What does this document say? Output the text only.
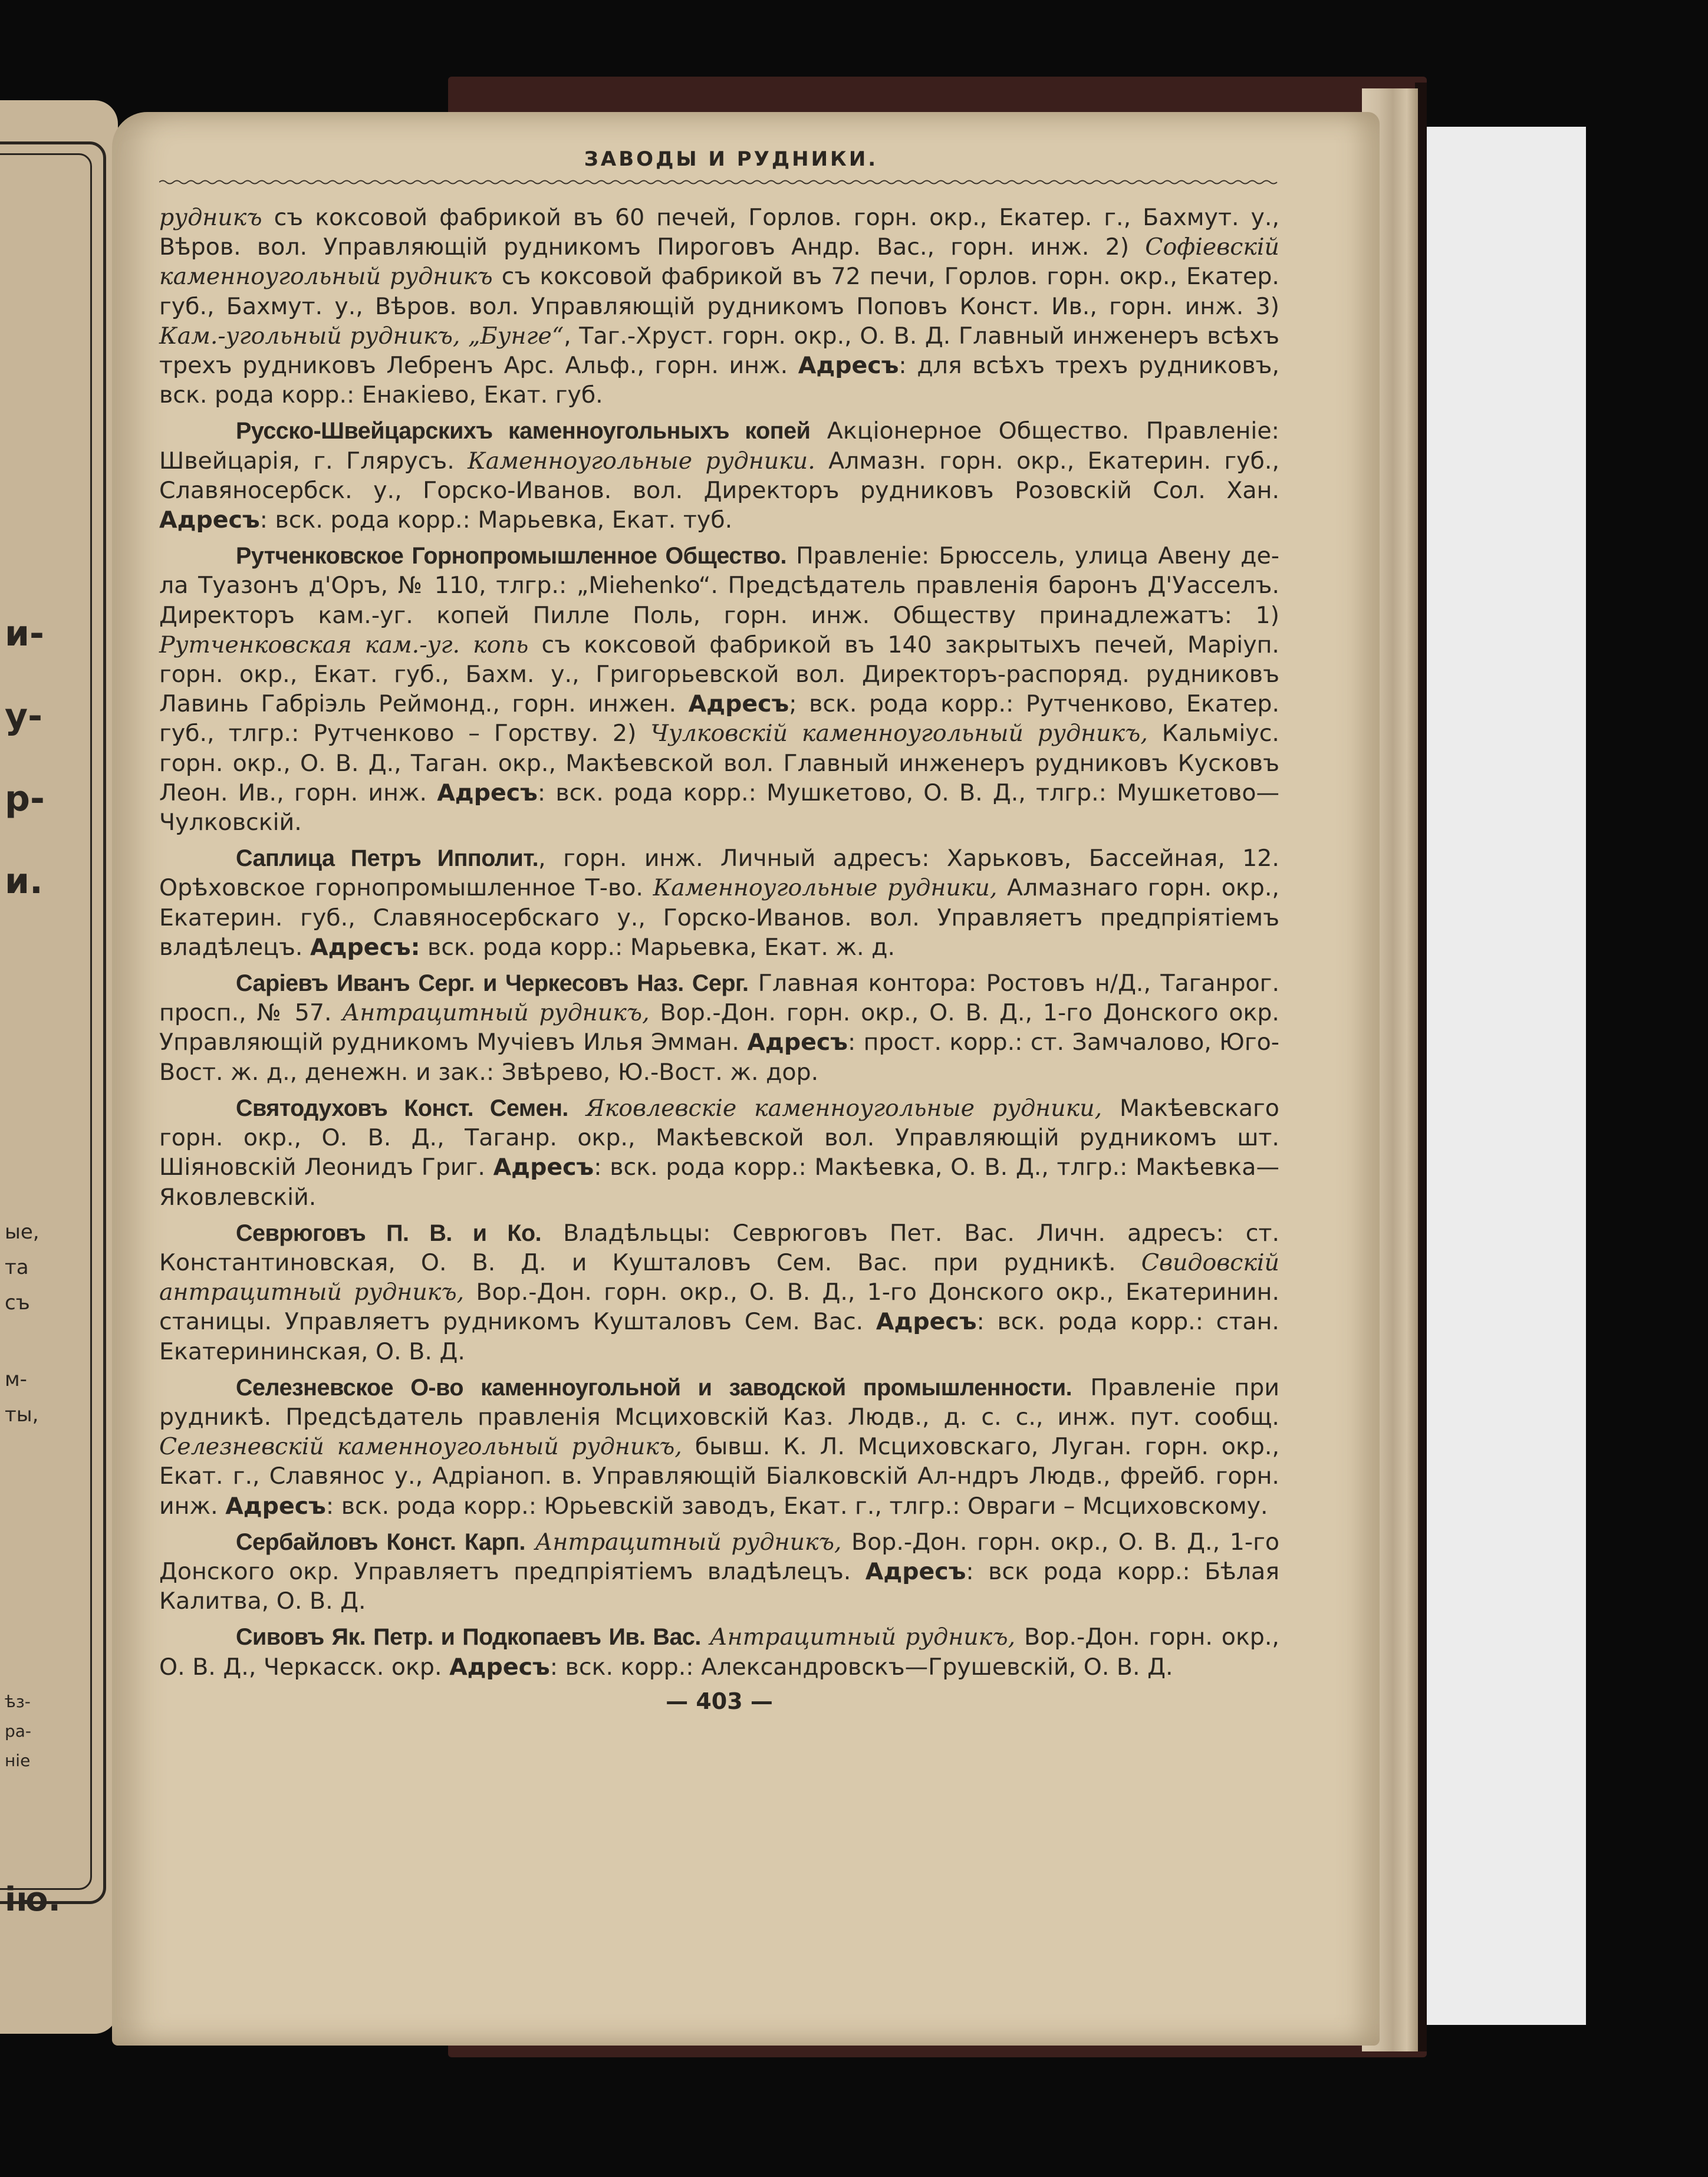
и-
у-
р-
и.
ые,
та
съ
м-
ты,
ѣз-
ра-
ніе
ію.
ЗАВОДЫ И РУДНИКИ.

рудникъ съ коксовой фабрикой въ 60 печей, Горлов. горн. окр., Екатер. г., Бахмут. у., Вѣров. вол. Управляющій рудникомъ Пироговъ Андр. Вас., горн. инж. 2) Софіевскій каменноугольный рудникъ съ коксовой фабрикой въ 72 печи, Горлов. горн. окр., Екатер. губ., Бахмут. у., Вѣров. вол. Управляющій рудникомъ Поповъ Конст. Ив., горн. инж. 3) Кам.-угольный рудникъ, „Бунге“, Таг.-Хруст. горн. окр., О. В. Д. Главный инженеръ всѣхъ трехъ рудниковъ Лебренъ Арс. Альф., горн. инж. Адресъ: для всѣхъ трехъ рудниковъ, вск. рода корр.: Енакіево, Екат. губ.

Русско-Швейцарскихъ каменноугольныхъ копей Акціонерное Общество. Правленіе: Швейцарія, г. Глярусъ. Каменноугольные рудники. Алмазн. горн. окр., Екатерин. губ., Славяносербск. у., Горско-Иванов. вол. Директоръ рудниковъ Розовскій Сол. Хан. Адресъ: вск. рода корр.: Марьевка, Екат. туб.

Рутченковское Горнопромышленное Общество. Правленіе: Брюссель, улица Авену де-ла Туазонъ д'Оръ, № 110, тлгр.: „Miehenko“. Предсѣдатель правленія баронъ Д'Уасселъ. Директоръ кам.-уг. копей Пилле Поль, горн. инж. Обществу принадлежатъ: 1) Рутченковская кам.-уг. копь съ коксовой фабрикой въ 140 закрытыхъ печей, Маріуп. горн. окр., Екат. губ., Бахм. у., Григорьевской вол. Директоръ-распоряд. рудниковъ Лавинь Габріэль Реймонд., горн. инжен. Адресъ; вск. рода корр.: Рутченково, Екатер. губ., тлгр.: Рутченково – Горству. 2) Чулковскій каменноугольный рудникъ, Кальміус. горн. окр., О. В. Д., Таган. окр., Макѣевской вол. Главный инженеръ рудниковъ Кусковъ Леон. Ив., горн. инж. Адресъ: вск. рода корр.: Мушкетово, О. В. Д., тлгр.: Мушкетово—Чулковскій.

Саплица Петръ Ипполит., горн. инж. Личный адресъ: Харьковъ, Бассейная, 12. Орѣховское горнопромышленное Т-во. Каменноугольные рудники, Алмазнаго горн. окр., Екатерин. губ., Славяносербскаго у., Горско-Иванов. вол. Управляетъ предпріятіемъ владѣлецъ. Адресъ: вск. рода корр.: Марьевка, Екат. ж. д.

Саріевъ Иванъ Серг. и Черкесовъ Наз. Серг. Главная контора: Ростовъ н/Д., Таганрог. просп., № 57. Антрацитный рудникъ, Вор.-Дон. горн. окр., О. В. Д., 1-го Донского окр. Управляющій рудникомъ Мучіевъ Илья Эмман. Адресъ: прост. корр.: ст. Замчалово, Юго-Вост. ж. д., денежн. и зак.: Звѣрево, Ю.-Вост. ж. дор.

Святодуховъ Конст. Семен. Яковлевскіе каменноугольные рудники, Макѣевскаго горн. окр., О. В. Д., Таганр. окр., Макѣевской вол. Управляющій рудникомъ шт. Шіяновскій Леонидъ Григ. Адресъ: вск. рода корр.: Макѣевка, О. В. Д., тлгр.: Макѣевка—Яковлевскій.

Севрюговъ П. В. и Ко. Владѣльцы: Севрюговъ Пет. Вас. Личн. адресъ: ст. Константиновская, О. В. Д. и Кушталовъ Сем. Вас. при рудникѣ. Свидовскій антрацитный рудникъ, Вор.-Дон. горн. окр., О. В. Д., 1-го Донского окр., Екатеринин. станицы. Управляетъ рудникомъ Кушталовъ Сем. Вас. Адресъ: вск. рода корр.: стан. Екатерининская, О. В. Д.

Селезневское О-во каменноугольной и заводской промышленности. Правленіе при рудникѣ. Предсѣдатель правленія Мсциховскій Каз. Людв., д. с. с., инж. пут. сообщ. Селезневскій каменноугольный рудникъ, бывш. К. Л. Мсциховскаго, Луган. горн. окр., Екат. г., Славянос у., Адріаноп. в. Управляющій Біалковскій Ал-ндръ Людв., фрейб. горн. инж. Адресъ: вск. рода корр.: Юрьевскій заводъ, Екат. г., тлгр.: Овраги – Мсциховскому.

Сербайловъ Конст. Карп. Антрацитный рудникъ, Вор.-Дон. горн. окр., О. В. Д., 1-го Донского окр. Управляетъ предпріятіемъ владѣлецъ. Адресъ: вск рода корр.: Бѣлая Калитва, О. В. Д.

Сивовъ Як. Петр. и Подкопаевъ Ив. Вас. Антрацитный рудникъ, Вор.-Дон. горн. окр., О. В. Д., Черкасск. окр. Адресъ: вск. корр.: Александровскъ—Грушевскій, О. В. Д.

— 403 —
